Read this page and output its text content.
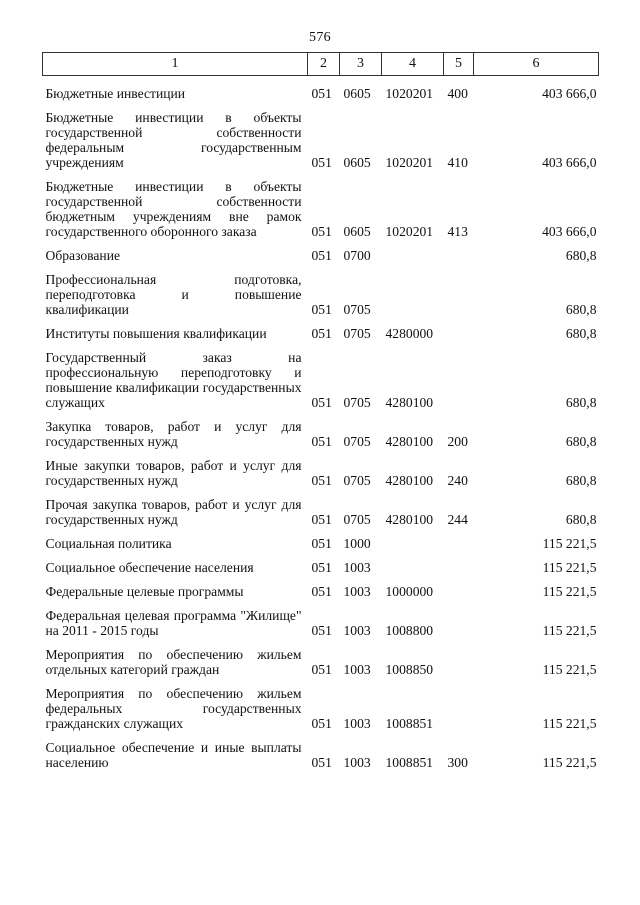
576
1	2	3	4	5	6
Бюджетные инвестиции	051	0605	1020201	400	403 666,0
Бюджетные инвестиции в объекты государственной собственности федеральным государственным учреждениям	051	0605	1020201	410	403 666,0
Бюджетные инвестиции в объекты государственной собственности бюджетным учреждениям вне рамок государственного оборонного заказа	051	0605	1020201	413	403 666,0
Образование	051	0700			680,8
Профессиональная подготовка, переподготовка и повышение квалификации	051	0705			680,8
Институты повышения квалификации	051	0705	4280000		680,8
Государственный заказ на профессиональную переподготовку и повышение квалификации государственных служащих	051	0705	4280100		680,8
Закупка товаров, работ и услуг для государственных нужд	051	0705	4280100	200	680,8
Иные закупки товаров, работ и услуг для государственных нужд	051	0705	4280100	240	680,8
Прочая закупка товаров, работ и услуг для государственных нужд	051	0705	4280100	244	680,8
Социальная политика	051	1000			115 221,5
Социальное обеспечение населения	051	1003			115 221,5
Федеральные целевые программы	051	1003	1000000		115 221,5
Федеральная целевая программа "Жилище" на 2011 - 2015 годы	051	1003	1008800		115 221,5
Мероприятия по обеспечению жильем отдельных категорий граждан	051	1003	1008850		115 221,5
Мероприятия по обеспечению жильем федеральных государственных гражданских служащих	051	1003	1008851		115 221,5
Социальное обеспечение и иные выплаты населению	051	1003	1008851	300	115 221,5
